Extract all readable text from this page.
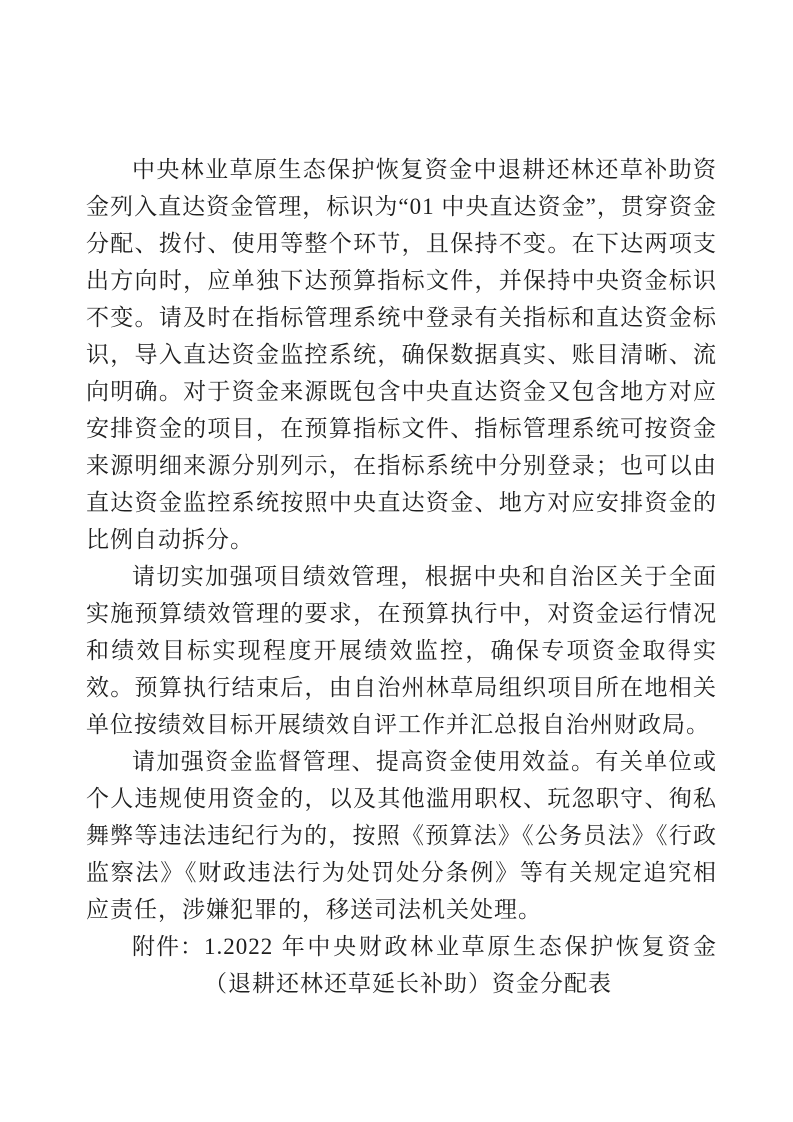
中央林业草原生态保护恢复资金中退耕还林还草补助资金列入直达资金管理，标识为“01 中央直达资金”，贯穿资金分配、拨付、使用等整个环节，且保持不变。在下达两项支出方向时，应单独下达预算指标文件，并保持中央资金标识不变。请及时在指标管理系统中登录有关指标和直达资金标识，导入直达资金监控系统，确保数据真实、账目清晰、流向明确。对于资金来源既包含中央直达资金又包含地方对应安排资金的项目，在预算指标文件、指标管理系统可按资金来源明细来源分别列示，在指标系统中分别登录；也可以由直达资金监控系统按照中央直达资金、地方对应安排资金的比例自动拆分。

请切实加强项目绩效管理，根据中央和自治区关于全面实施预算绩效管理的要求，在预算执行中，对资金运行情况和绩效目标实现程度开展绩效监控，确保专项资金取得实效。预算执行结束后，由自治州林草局组织项目所在地相关单位按绩效目标开展绩效自评工作并汇总报自治州财政局。

请加强资金监督管理、提高资金使用效益。有关单位或个人违规使用资金的，以及其他滥用职权、玩忽职守、徇私舞弊等违法违纪行为的，按照《预算法》《公务员法》《行政监察法》《财政违法行为处罚处分条例》等有关规定追究相应责任，涉嫌犯罪的，移送司法机关处理。

附件： 1.2022 年中央财政林业草原生态保护恢复资金（退耕还林还草延长补助）资金分配表
